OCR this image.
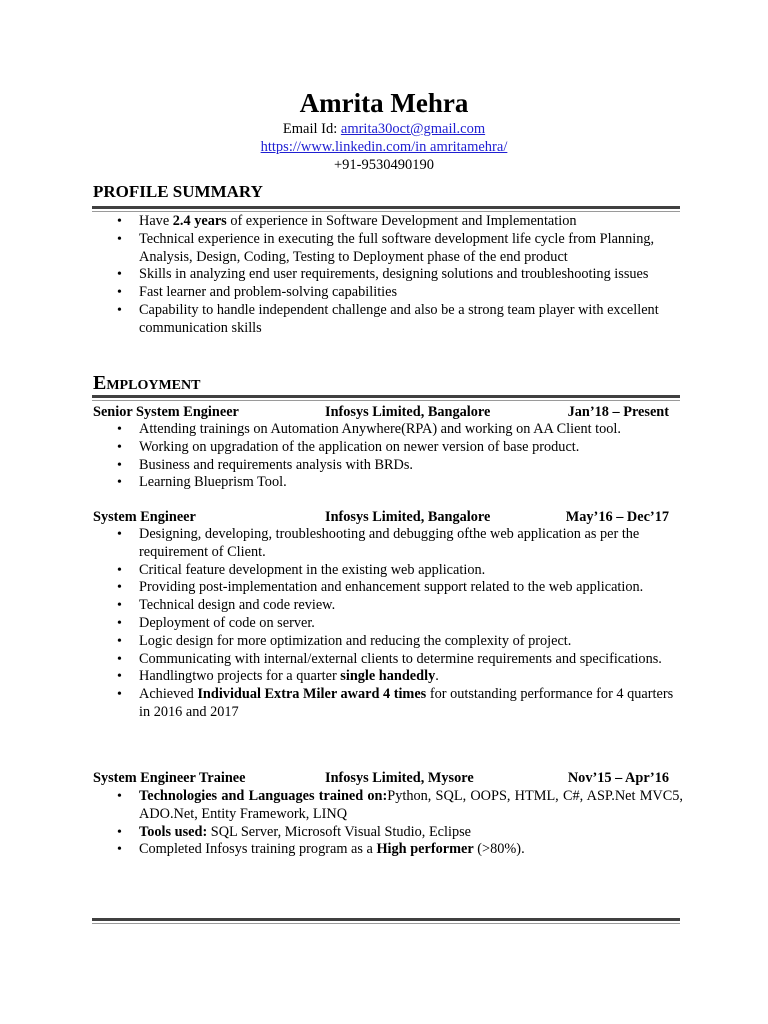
Amrita Mehra
Email Id: amrita30oct@gmail.com
https://www.linkedin.com/in amritamehra/
+91-9530490190
PROFILE SUMMARY
• Have 2.4 years of experience in Software Development and Implementation
• Technical experience in executing the full software development life cycle from Planning, Analysis, Design, Coding, Testing to Deployment phase of the end product
• Skills in analyzing end user requirements, designing solutions and troubleshooting issues
• Fast learner and problem-solving capabilities
• Capability to handle independent challenge and also be a strong team player with excellent communication skills
Employment
Senior System Engineer	Infosys Limited, Bangalore	Jan’18 – Present
• Attending trainings on Automation Anywhere(RPA) and working on AA Client tool.
• Working on upgradation of the application on newer version of base product.
• Business and requirements analysis with BRDs.
• Learning Blueprism Tool.
System Engineer	Infosys Limited, Bangalore	May’16 – Dec’17
• Designing, developing, troubleshooting and debugging ofthe web application as per the requirement of Client.
• Critical feature development in the existing web application.
• Providing post-implementation and enhancement support related to the web application.
• Technical design and code review.
• Deployment of code on server.
• Logic design for more optimization and reducing the complexity of project.
• Communicating with internal/external clients to determine requirements and specifications.
• Handlingtwo projects for a quarter single handedly.
• Achieved Individual Extra Miler award 4 times for outstanding performance for 4 quarters in 2016 and 2017
System Engineer Trainee	Infosys Limited, Mysore	Nov’15 – Apr’16
• Technologies and Languages trained on:Python, SQL, OOPS, HTML, C#, ASP.Net MVC5, ADO.Net, Entity Framework, LINQ
• Tools used: SQL Server, Microsoft Visual Studio, Eclipse
• Completed Infosys training program as a High performer (>80%).
